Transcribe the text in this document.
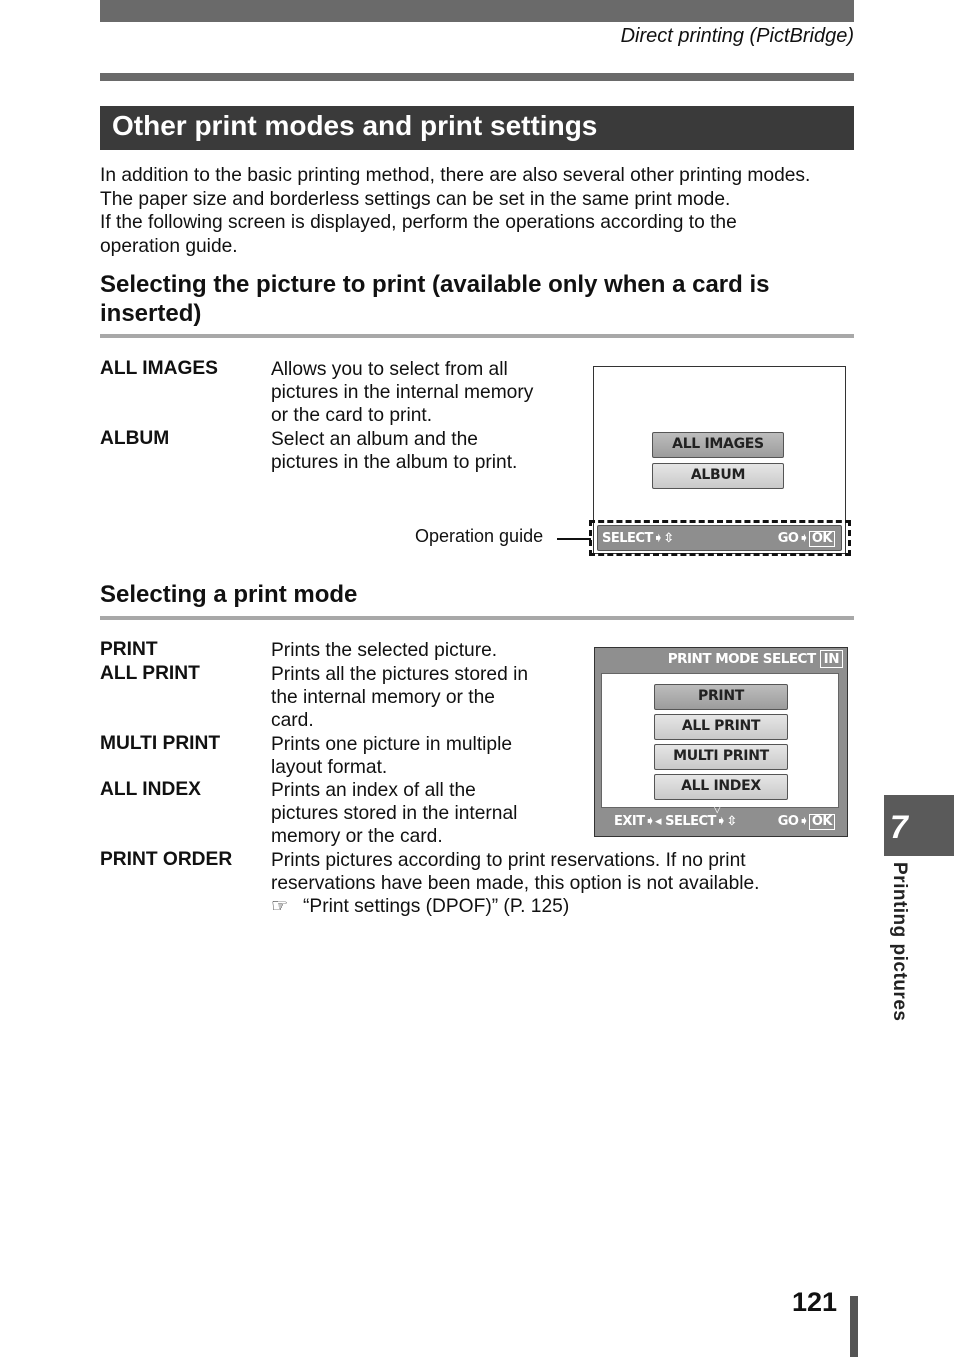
Direct printing (PictBridge)
Other print modes and print settings

In addition to the basic printing method, there are also several other printing modes.

The paper size and borderless settings can be set in the same print mode.

If the following screen is displayed, perform the operations according to the

operation guide.

Selecting the picture to print (available only when a card is
inserted)
ALL IMAGES	Allows you to select from all
pictures in the internal memory
or the card to print.
ALBUM	Select an album and the
pictures in the album to print.
ALL IMAGES
ALBUM
SELECT➧⇳	GO➧ OK
Operation guide
Selecting a print mode
PRINT	Prints the selected picture.
ALL PRINT	Prints all the pictures stored in
the internal memory or the
card.
MULTI PRINT	Prints one picture in multiple
layout format.
ALL INDEX	Prints an index of all the
pictures stored in the internal
memory or the card.
PRINT ORDER Prints pictures according to print reservations. If no print
reservations have been made, this option is not available.
☞ “Print settings (DPOF)” (P. 125)
PRINT MODE SELECT IN
PRINT
ALL PRINT
MULTI PRINT
ALL INDEX
▽
EXIT➧◂ SELECT➧⇳	GO➧ OK 7
Printing pictures
121
